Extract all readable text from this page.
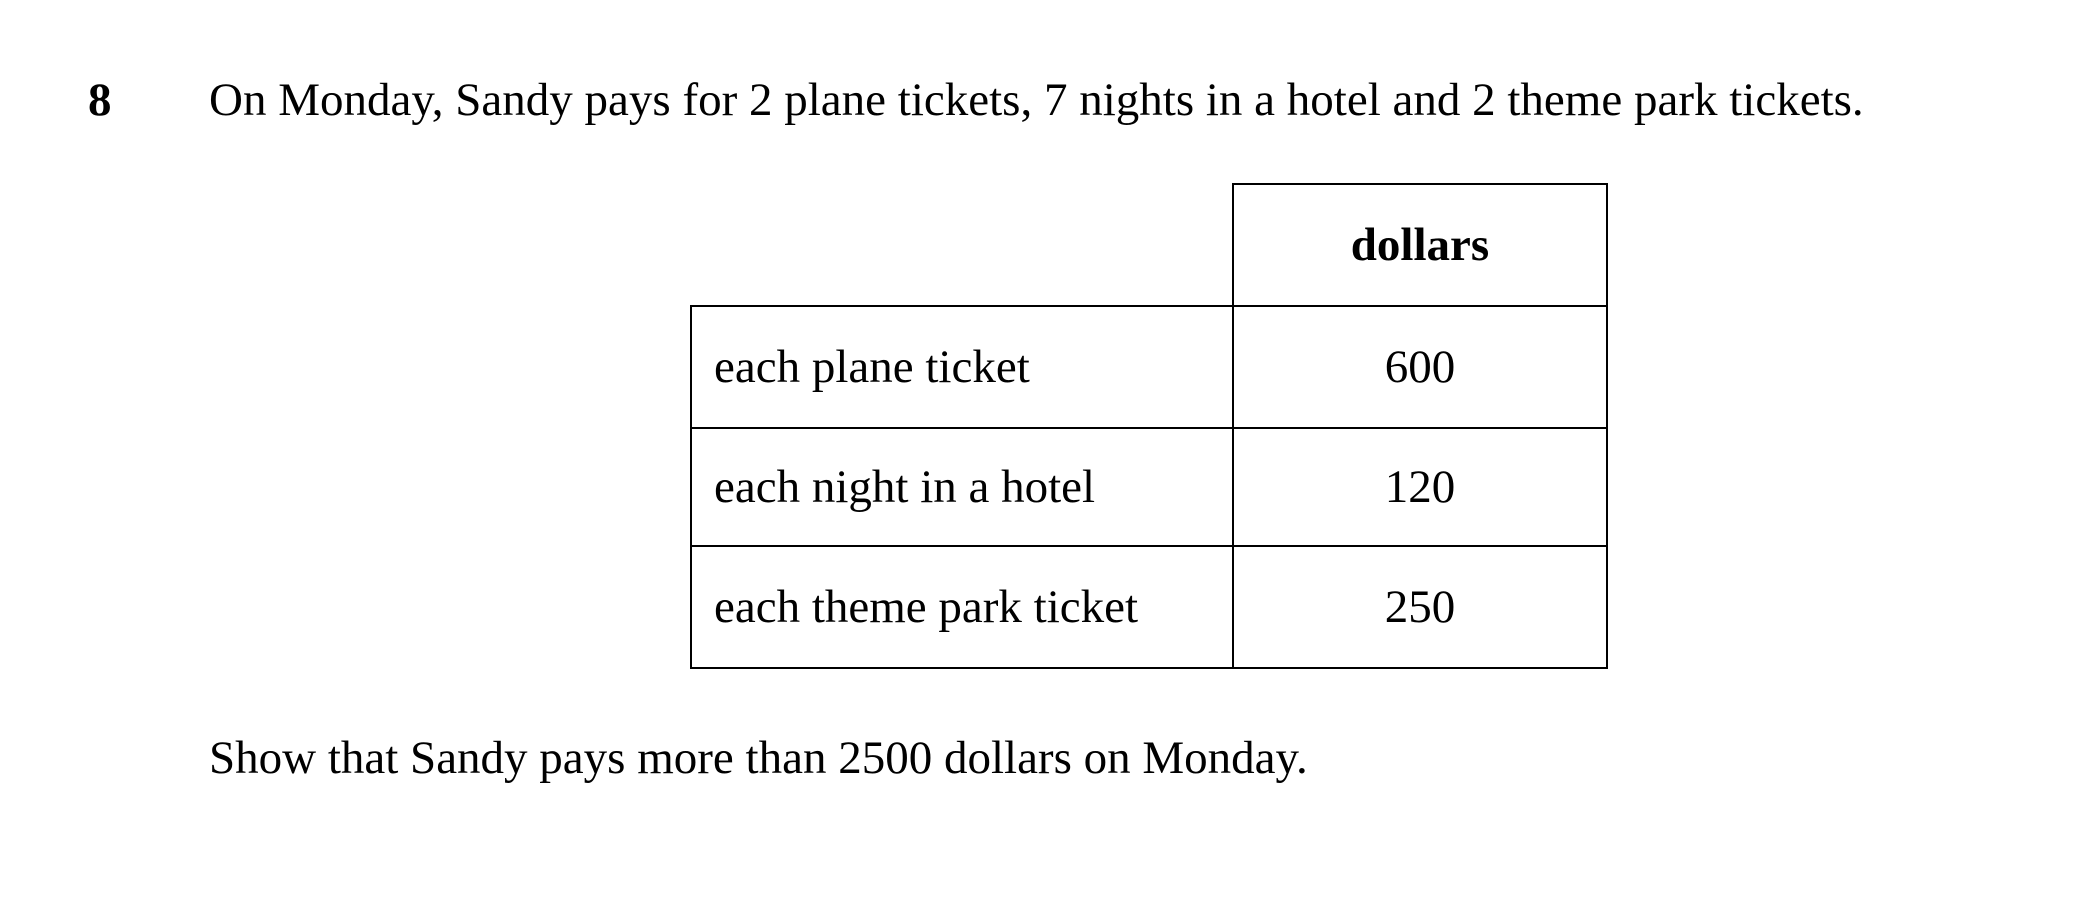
8 On Monday, Sandy pays for 2 plane tickets, 7 nights in a hotel and 2 theme park tickets.
	dollars
each plane ticket	600
each night in a hotel	120
each theme park ticket	250
Show that Sandy pays more than 2500 dollars on Monday.
